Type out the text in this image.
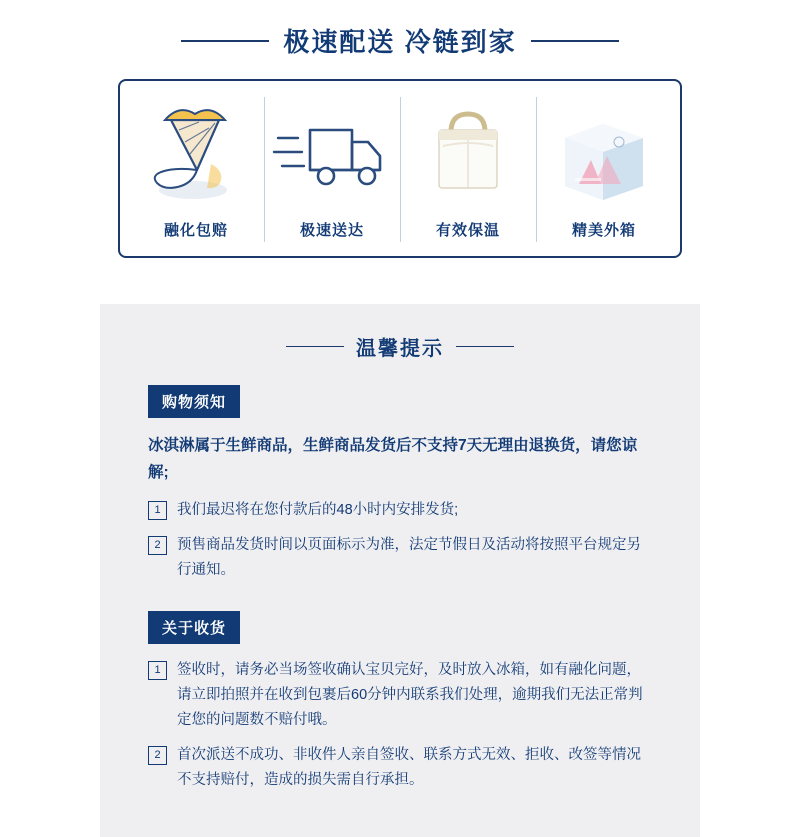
极速配送 冷链到家
融化包赔	极速送达	有效保温	精美外箱
温馨提示
购物须知

冰淇淋属于生鲜商品，生鲜商品发货后不支持7天无理由退换货，请您谅解;

1	我们最迟将在您付款后的48小时内安排发货;
2	预售商品发货时间以页面标示为准，法定节假日及活动将按照平台规定另行通知。
关于收货
1	签收时，请务必当场签收确认宝贝完好，及时放入冰箱，如有融化问题，请立即拍照并在收到包裹后60分钟内联系我们处理，逾期我们无法正常判定您的问题数不赔付哦。
2	首次派送不成功、非收件人亲自签收、联系方式无效、拒收、改签等情况不支持赔付，造成的损失需自行承担。
